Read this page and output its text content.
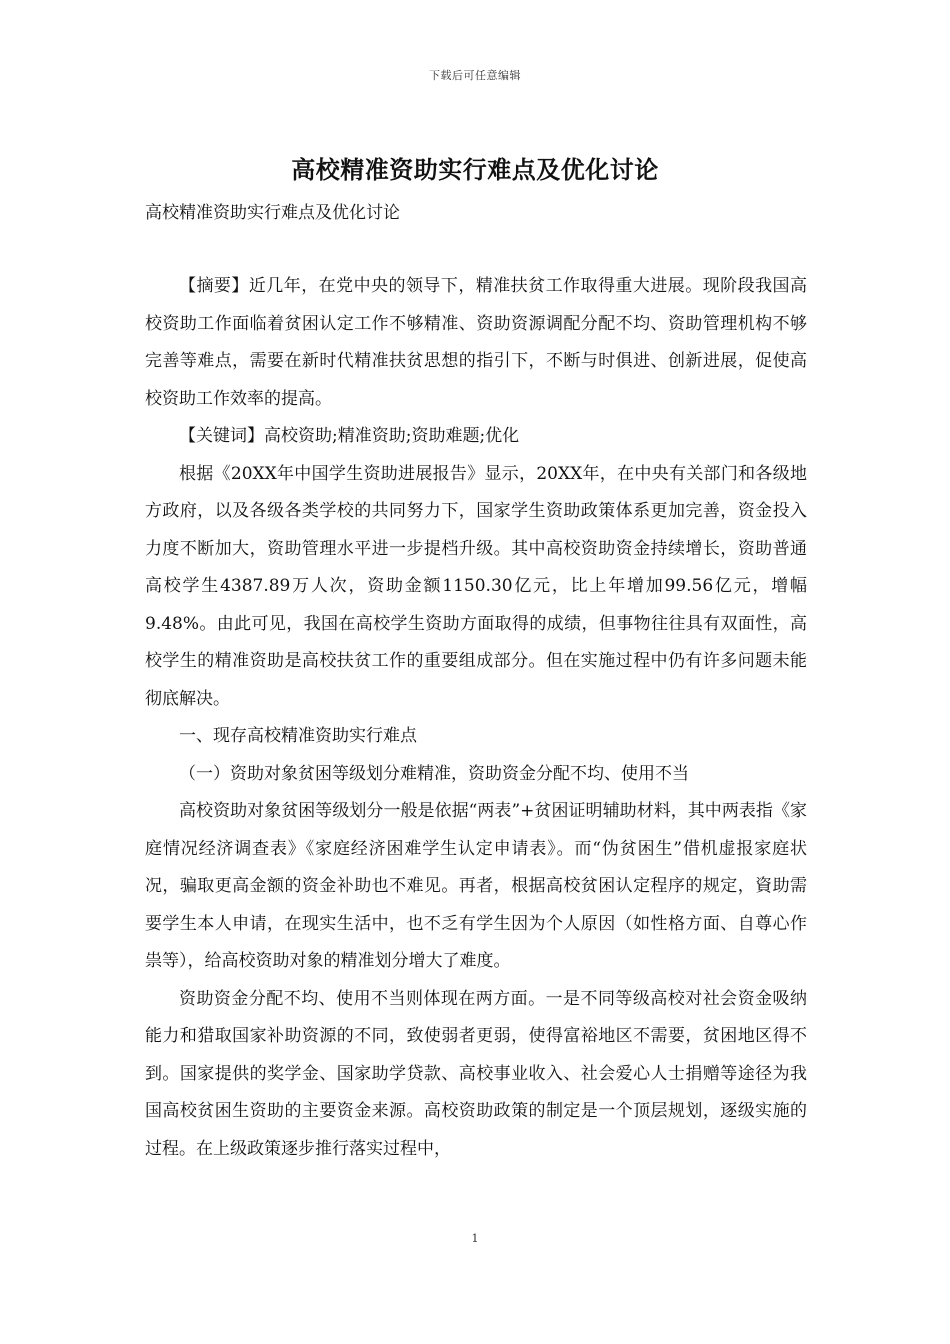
下载后可任意编辑
高校精准资助实行难点及优化讨论
高校精准资助实行难点及优化讨论

【摘要】近几年，在党中央的领导下，精准扶贫工作取得重大进展。现阶段我国高校资助工作面临着贫困认定工作不够精准、资助资源调配分配不均、资助管理机构不够完善等难点，需要在新时代精准扶贫思想的指引下，不断与时俱进、创新进展，促使高校资助工作效率的提高。

【关键词】高校资助;精准资助;资助难题;优化

根据《20XX年中国学生资助进展报告》显示，20XX年，在中央有关部门和各级地方政府，以及各级各类学校的共同努力下，国家学生资助政策体系更加完善，资金投入力度不断加大，资助管理水平进一步提档升级。其中高校资助资金持续增长，资助普通高校学生4387.89万人次，资助金额1150.30亿元，比上年增加99.56亿元，增幅9.48%。由此可见，我国在高校学生资助方面取得的成绩，但事物往往具有双面性，高校学生的精准资助是高校扶贫工作的重要组成部分。但在实施过程中仍有许多问题未能彻底解决。

一、现存高校精准资助实行难点

（一）资助对象贫困等级划分难精准，资助资金分配不均、使用不当

高校资助对象贫困等级划分一般是依据“两表”+贫困证明辅助材料，其中两表指《家庭情况经济调查表》《家庭经济困难学生认定申请表》。而“伪贫困生”借机虚报家庭状况，骗取更高金额的资金补助也不难见。再者，根据高校贫困认定程序的规定，資助需要学生本人申请，在现实生活中，也不乏有学生因为个人原因（如性格方面、自尊心作祟等），给高校资助对象的精准划分增大了难度。

资助资金分配不均、使用不当则体现在两方面。一是不同等级高校对社会资金吸纳能力和猎取国家补助资源的不同，致使弱者更弱，使得富裕地区不需要，贫困地区得不到。国家提供的奖学金、国家助学贷款、高校事业收入、社会爱心人士捐赠等途径为我国高校贫困生资助的主要资金来源。高校资助政策的制定是一个顶层规划，逐级实施的过程。在上级政策逐步推行落实过程中，

1
